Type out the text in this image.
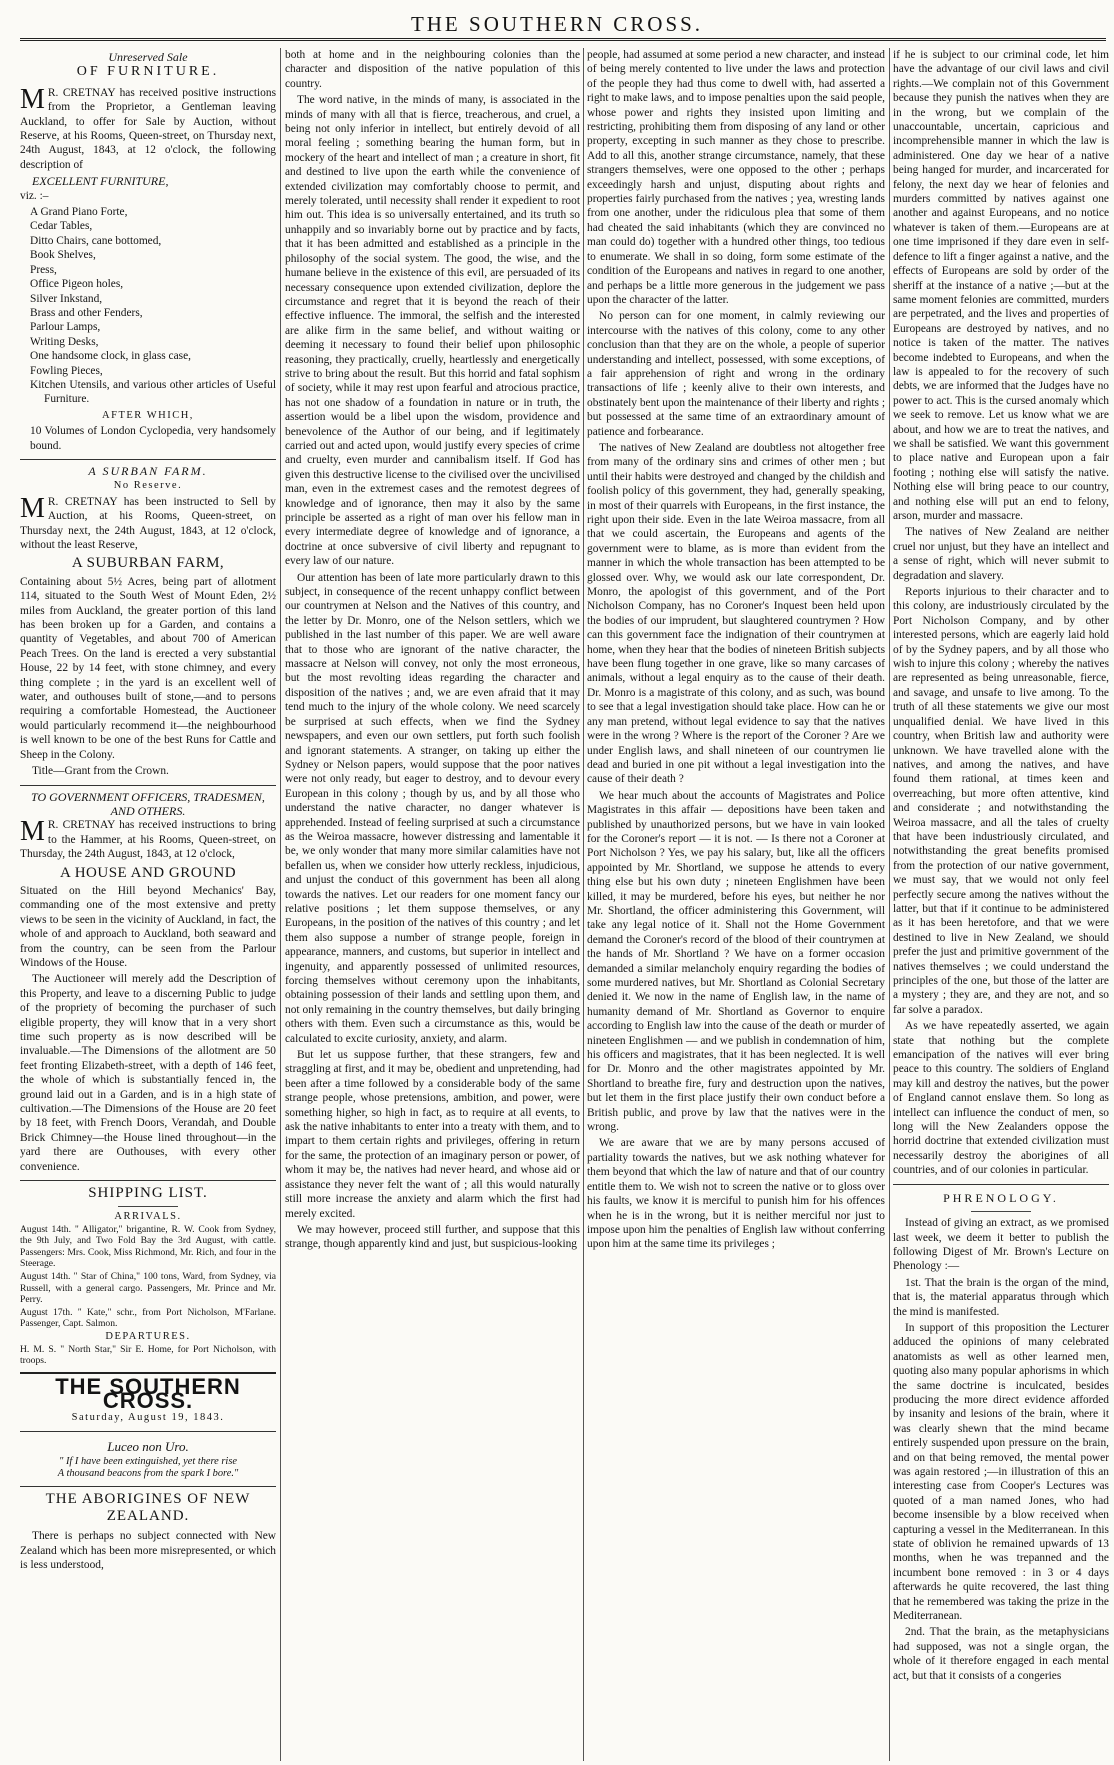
THE SOUTHERN CROSS.
Unreserved Sale
OF FURNITURE.

M R. CRETNAY has received positive instructions from the Proprietor, a Gentleman leaving Auckland, to offer for Sale by Auction, without Reserve, at his Rooms, Queen-street, on Thursday next, 24th August, 1843, at 12 o'clock, the following description of

EXCELLENT FURNITURE,

viz. :–

A Grand Piano Forte,
Cedar Tables,
Ditto Chairs, cane bottomed,
Book Shelves,
Press,
Office Pigeon holes,
Silver Inkstand,
Brass and other Fenders,
Parlour Lamps,
Writing Desks,
One handsome clock, in glass case,
Fowling Pieces,
Kitchen Utensils, and various other articles of Useful Furniture.
AFTER WHICH,

10 Volumes of London Cyclopedia, very handsomely bound.

A SURBAN FARM.
No Reserve.

M R. CRETNAY has been instructed to Sell by Auction, at his Rooms, Queen-street, on Thursday next, the 24th August, 1843, at 12 o'clock, without the least Reserve,

A SUBURBAN FARM,

Containing about 5½ Acres, being part of allotment 114, situated to the South West of Mount Eden, 2½ miles from Auckland, the greater portion of this land has been broken up for a Garden, and contains a quantity of Vegetables, and about 700 of American Peach Trees. On the land is erected a very substantial House, 22 by 14 feet, with stone chimney, and every thing complete ; in the yard is an excellent well of water, and outhouses built of stone,—and to persons requiring a comfortable Homestead, the Auctioneer would particularly recommend it—the neighbourhood is well known to be one of the best Runs for Cattle and Sheep in the Colony.

Title—Grant from the Crown.

TO GOVERNMENT OFFICERS, TRADESMEN, AND OTHERS.

M R. CRETNAY has received instructions to bring to the Hammer, at his Rooms, Queen-street, on Thursday, the 24th August, 1843, at 12 o'clock,

A HOUSE AND GROUND

Situated on the Hill beyond Mechanics' Bay, commanding one of the most extensive and pretty views to be seen in the vicinity of Auckland, in fact, the whole of and approach to Auckland, both seaward and from the country, can be seen from the Parlour Windows of the House.

The Auctioneer will merely add the Description of this Property, and leave to a discerning Public to judge of the propriety of becoming the purchaser of such eligible property, they will know that in a very short time such property as is now described will be invaluable.—The Dimensions of the allotment are 50 feet fronting Elizabeth-street, with a depth of 146 feet, the whole of which is substantially fenced in, the ground laid out in a Garden, and is in a high state of cultivation.—The Dimensions of the House are 20 feet by 18 feet, with French Doors, Verandah, and Double Brick Chimney—the House lined throughout—in the yard there are Outhouses, with every other convenience.

SHIPPING LIST.
ARRIVALS.

August 14th. " Alligator," brigantine, R. W. Cook from Sydney, the 9th July, and Two Fold Bay the 3rd August, with cattle. Passengers: Mrs. Cook, Miss Richmond, Mr. Rich, and four in the Steerage.

August 14th. " Star of China," 100 tons, Ward, from Sydney, via Russell, with a general cargo. Passengers, Mr. Prince and Mr. Perry.

August 17th. " Kate," schr., from Port Nicholson, M'Farlane. Passenger, Capt. Salmon.

DEPARTURES.

H. M. S. " North Star," Sir E. Home, for Port Nicholson, with troops.

THE SOUTHERN CROSS.
Saturday, August 19, 1843.
Luceo non Uro.
" If I have been extinguished, yet there rise
A thousand beacons from the spark I bore."
THE ABORIGINES OF NEW ZEALAND.

There is perhaps no subject connected with New Zealand which has been more misrepresented, or which is less understood,

both at home and in the neighbouring colonies than the character and disposition of the native population of this country.

The word native, in the minds of many, is associated in the minds of many with all that is fierce, treacherous, and cruel, a being not only inferior in intellect, but entirely devoid of all moral feeling ; something bearing the human form, but in mockery of the heart and intellect of man ; a creature in short, fit and destined to live upon the earth while the convenience of extended civilization may comfortably choose to permit, and merely tolerated, until necessity shall render it expedient to root him out. This idea is so universally entertained, and its truth so unhappily and so invariably borne out by practice and by facts, that it has been admitted and established as a principle in the philosophy of the social system. The good, the wise, and the humane believe in the existence of this evil, are persuaded of its necessary consequence upon extended civilization, deplore the circumstance and regret that it is beyond the reach of their effective influence. The immoral, the selfish and the interested are alike firm in the same belief, and without waiting or deeming it necessary to found their belief upon philosophic reasoning, they practically, cruelly, heartlessly and energetically strive to bring about the result. But this horrid and fatal sophism of society, while it may rest upon fearful and atrocious practice, has not one shadow of a foundation in nature or in truth, the assertion would be a libel upon the wisdom, providence and benevolence of the Author of our being, and if legitimately carried out and acted upon, would justify every species of crime and cruelty, even murder and cannibalism itself. If God has given this destructive license to the civilised over the uncivilised man, even in the extremest cases and the remotest degrees of knowledge and of ignorance, then may it also by the same principle be asserted as a right of man over his fellow man in every intermediate degree of knowledge and of ignorance, a doctrine at once subversive of civil liberty and repugnant to every law of our nature.

Our attention has been of late more particularly drawn to this subject, in consequence of the recent unhappy conflict between our countrymen at Nelson and the Natives of this country, and the letter by Dr. Monro, one of the Nelson settlers, which we published in the last number of this paper. We are well aware that to those who are ignorant of the native character, the massacre at Nelson will convey, not only the most erroneous, but the most revolting ideas regarding the character and disposition of the natives ; and, we are even afraid that it may tend much to the injury of the whole colony. We need scarcely be surprised at such effects, when we find the Sydney newspapers, and even our own settlers, put forth such foolish and ignorant statements. A stranger, on taking up either the Sydney or Nelson papers, would suppose that the poor natives were not only ready, but eager to destroy, and to devour every European in this colony ; though by us, and by all those who understand the native character, no danger whatever is apprehended. Instead of feeling surprised at such a circumstance as the Weiroa massacre, however distressing and lamentable it be, we only wonder that many more similar calamities have not befallen us, when we consider how utterly reckless, injudicious, and unjust the conduct of this government has been all along towards the natives. Let our readers for one moment fancy our relative positions ; let them suppose themselves, or any Europeans, in the position of the natives of this country ; and let them also suppose a number of strange people, foreign in appearance, manners, and customs, but superior in intellect and ingenuity, and apparently possessed of unlimited resources, forcing themselves without ceremony upon the inhabitants, obtaining possession of their lands and settling upon them, and not only remaining in the country themselves, but daily bringing others with them. Even such a circumstance as this, would be calculated to excite curiosity, anxiety, and alarm.

But let us suppose further, that these strangers, few and straggling at first, and it may be, obedient and unpretending, had been after a time followed by a considerable body of the same strange people, whose pretensions, ambition, and power, were something higher, so high in fact, as to require at all events, to ask the native inhabitants to enter into a treaty with them, and to impart to them certain rights and privileges, offering in return for the same, the protection of an imaginary person or power, of whom it may be, the natives had never heard, and whose aid or assistance they never felt the want of ; all this would naturally still more increase the anxiety and alarm which the first had merely excited.

We may however, proceed still further, and suppose that this strange, though apparently kind and just, but suspicious-looking

people, had assumed at some period a new character, and instead of being merely contented to live under the laws and protection of the people they had thus come to dwell with, had asserted a right to make laws, and to impose penalties upon the said people, whose power and rights they insisted upon limiting and restricting, prohibiting them from disposing of any land or other property, excepting in such manner as they chose to prescribe. Add to all this, another strange circumstance, namely, that these strangers themselves, were one opposed to the other ; perhaps exceedingly harsh and unjust, disputing about rights and properties fairly purchased from the natives ; yea, wresting lands from one another, under the ridiculous plea that some of them had cheated the said inhabitants (which they are convinced no man could do) together with a hundred other things, too tedious to enumerate. We shall in so doing, form some estimate of the condition of the Europeans and natives in regard to one another, and perhaps be a little more generous in the judgement we pass upon the character of the latter.

No person can for one moment, in calmly reviewing our intercourse with the natives of this colony, come to any other conclusion than that they are on the whole, a people of superior understanding and intellect, possessed, with some exceptions, of a fair apprehension of right and wrong in the ordinary transactions of life ; keenly alive to their own interests, and obstinately bent upon the maintenance of their liberty and rights ; but possessed at the same time of an extraordinary amount of patience and forbearance.

The natives of New Zealand are doubtless not altogether free from many of the ordinary sins and crimes of other men ; but until their habits were destroyed and changed by the childish and foolish policy of this government, they had, generally speaking, in most of their quarrels with Europeans, in the first instance, the right upon their side. Even in the late Weiroa massacre, from all that we could ascertain, the Europeans and agents of the government were to blame, as is more than evident from the manner in which the whole transaction has been attempted to be glossed over. Why, we would ask our late correspondent, Dr. Monro, the apologist of this government, and of the Port Nicholson Company, has no Coroner's Inquest been held upon the bodies of our imprudent, but slaughtered countrymen ? How can this government face the indignation of their countrymen at home, when they hear that the bodies of nineteen British subjects have been flung together in one grave, like so many carcases of animals, without a legal enquiry as to the cause of their death. Dr. Monro is a magistrate of this colony, and as such, was bound to see that a legal investigation should take place. How can he or any man pretend, without legal evidence to say that the natives were in the wrong ? Where is the report of the Coroner ? Are we under English laws, and shall nineteen of our countrymen lie dead and buried in one pit without a legal investigation into the cause of their death ?

We hear much about the accounts of Magistrates and Police Magistrates in this affair — depositions have been taken and published by unauthorized persons, but we have in vain looked for the Coroner's report — it is not. — Is there not a Coroner at Port Nicholson ? Yes, we pay his salary, but, like all the officers appointed by Mr. Shortland, we suppose he attends to every thing else but his own duty ; nineteen Englishmen have been killed, it may be murdered, before his eyes, but neither he nor Mr. Shortland, the officer administering this Government, will take any legal notice of it. Shall not the Home Government demand the Coroner's record of the blood of their countrymen at the hands of Mr. Shortland ? We have on a former occasion demanded a similar melancholy enquiry regarding the bodies of some murdered natives, but Mr. Shortland as Colonial Secretary denied it. We now in the name of English law, in the name of humanity demand of Mr. Shortland as Governor to enquire according to English law into the cause of the death or murder of nineteen Englishmen — and we publish in condemnation of him, his officers and magistrates, that it has been neglected. It is well for Dr. Monro and the other magistrates appointed by Mr. Shortland to breathe fire, fury and destruction upon the natives, but let them in the first place justify their own conduct before a British public, and prove by law that the natives were in the wrong.

We are aware that we are by many persons accused of partiality towards the natives, but we ask nothing whatever for them beyond that which the law of nature and that of our country entitle them to. We wish not to screen the native or to gloss over his faults, we know it is merciful to punish him for his offences when he is in the wrong, but it is neither merciful nor just to impose upon him the penalties of English law without conferring upon him at the same time its privileges ;

if he is subject to our criminal code, let him have the advantage of our civil laws and civil rights.—We complain not of this Government because they punish the natives when they are in the wrong, but we complain of the unaccountable, uncertain, capricious and incomprehensible manner in which the law is administered. One day we hear of a native being hanged for murder, and incarcerated for felony, the next day we hear of felonies and murders committed by natives against one another and against Europeans, and no notice whatever is taken of them.—Europeans are at one time imprisoned if they dare even in self-defence to lift a finger against a native, and the effects of Europeans are sold by order of the sheriff at the instance of a native ;—but at the same moment felonies are committed, murders are perpetrated, and the lives and properties of Europeans are destroyed by natives, and no notice is taken of the matter. The natives become indebted to Europeans, and when the law is appealed to for the recovery of such debts, we are informed that the Judges have no power to act. This is the cursed anomaly which we seek to remove. Let us know what we are about, and how we are to treat the natives, and we shall be satisfied. We want this government to place native and European upon a fair footing ; nothing else will satisfy the native. Nothing else will bring peace to our country, and nothing else will put an end to felony, arson, murder and massacre.

The natives of New Zealand are neither cruel nor unjust, but they have an intellect and a sense of right, which will never submit to degradation and slavery.

Reports injurious to their character and to this colony, are industriously circulated by the Port Nicholson Company, and by other interested persons, which are eagerly laid hold of by the Sydney papers, and by all those who wish to injure this colony ; whereby the natives are represented as being unreasonable, fierce, and savage, and unsafe to live among. To the truth of all these statements we give our most unqualified denial. We have lived in this country, when British law and authority were unknown. We have travelled alone with the natives, and among the natives, and have found them rational, at times keen and overreaching, but more often attentive, kind and considerate ; and notwithstanding the Weiroa massacre, and all the tales of cruelty that have been industriously circulated, and notwithstanding the great benefits promised from the protection of our native government, we must say, that we would not only feel perfectly secure among the natives without the latter, but that if it continue to be administered as it has been heretofore, and that we were destined to live in New Zealand, we should prefer the just and primitive government of the natives themselves ; we could understand the principles of the one, but those of the latter are a mystery ; they are, and they are not, and so far solve a paradox.

As we have repeatedly asserted, we again state that nothing but the complete emancipation of the natives will ever bring peace to this country. The soldiers of England may kill and destroy the natives, but the power of England cannot enslave them. So long as intellect can influence the conduct of men, so long will the New Zealanders oppose the horrid doctrine that extended civilization must necessarily destroy the aborigines of all countries, and of our colonies in particular.

PHRENOLOGY.

Instead of giving an extract, as we promised last week, we deem it better to publish the following Digest of Mr. Brown's Lecture on Phenology :—

1st. That the brain is the organ of the mind, that is, the material apparatus through which the mind is manifested.

In support of this proposition the Lecturer adduced the opinions of many celebrated anatomists as well as other learned men, quoting also many popular aphorisms in which the same doctrine is inculcated, besides producing the more direct evidence afforded by insanity and lesions of the brain, where it was clearly shewn that the mind became entirely suspended upon pressure on the brain, and on that being removed, the mental power was again restored ;—in illustration of this an interesting case from Cooper's Lectures was quoted of a man named Jones, who had become insensible by a blow received when capturing a vessel in the Mediterranean. In this state of oblivion he remained upwards of 13 months, when he was trepanned and the incumbent bone removed : in 3 or 4 days afterwards he quite recovered, the last thing that he remembered was taking the prize in the Mediterranean.

2nd. That the brain, as the metaphysicians had supposed, was not a single organ, the whole of it therefore engaged in each mental act, but that it consists of a congeries
